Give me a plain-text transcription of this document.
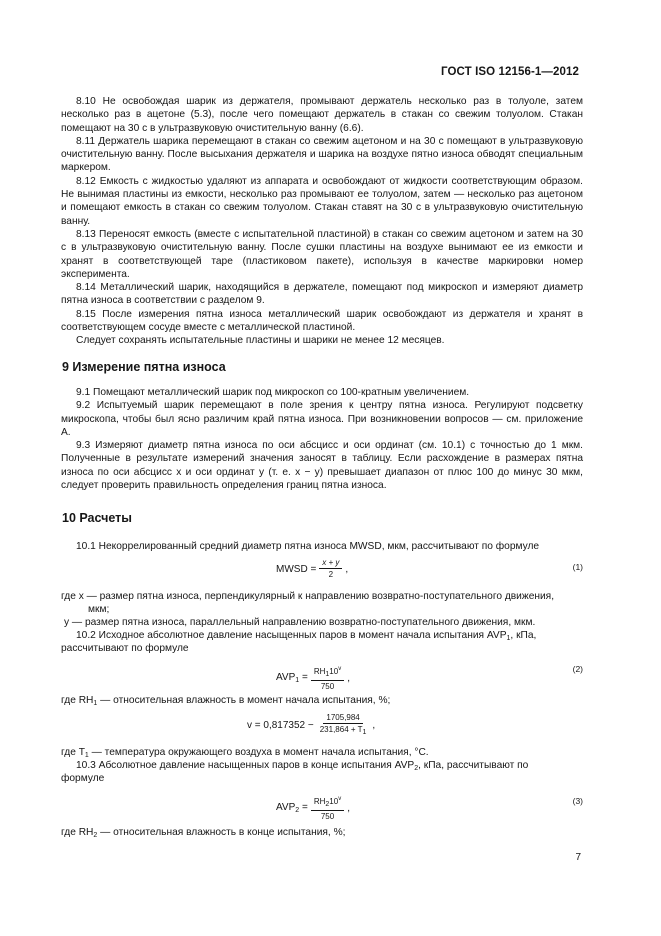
ГОСТ ISO 12156-1—2012

8.10 Не освобождая шарик из держателя, промывают держатель несколько раз в толуоле, затем несколько раз в ацетоне (5.3), после чего помещают держатель в стакан со свежим толуолом. Стакан помещают на 30 с в ультразвуковую очистительную ванну (6.6).

8.11 Держатель шарика перемещают в стакан со свежим ацетоном и на 30 с помещают в ультразвуковую очистительную ванну. После высыхания держателя и шарика на воздухе пятно износа обводят специальным маркером.

8.12 Емкость с жидкостью удаляют из аппарата и освобождают от жидкости соответствующим образом. Не вынимая пластины из емкости, несколько раз промывают ее толуолом, затем — несколько раз ацетоном и помещают емкость в стакан со свежим толуолом. Стакан ставят на 30 с в ультразвуковую очистительную ванну.

8.13 Переносят емкость (вместе с испытательной пластиной) в стакан со свежим ацетоном и затем на 30 с в ультразвуковую очистительную ванну. После сушки пластины на воздухе вынимают ее из емкости и хранят в соответствующей таре (пластиковом пакете), используя в качестве маркировки номер эксперимента.

8.14 Металлический шарик, находящийся в держателе, помещают под микроскоп и измеряют диаметр пятна износа в соответствии с разделом 9.

8.15 После измерения пятна износа металлический шарик освобождают из держателя и хранят в соответствующем сосуде вместе с металлической пластиной.

Следует сохранять испытательные пластины и шарики не менее 12 месяцев.

9 Измерение пятна износа

9.1 Помещают металлический шарик под микроскоп со 100-кратным увеличением.

9.2 Испытуемый шарик перемещают в поле зрения к центру пятна износа. Регулируют подсветку микроскопа, чтобы был ясно различим край пятна износа. При возникновении вопросов — см. приложение А.

9.3 Измеряют диаметр пятна износа по оси абсцисс и оси ординат (см. 10.1) с точностью до 1 мкм. Полученные в результате измерений значения заносят в таблицу. Если расхождение в размерах пятна износа по оси абсцисс x и оси ординат y (т. е. x − y) превышает диапазон от плюс 100 до минус 30 мкм, следует проверить правильность определения границ пятна износа.

10 Расчеты
10.1 Некоррелированный средний диаметр пятна износа MWSD, мкм, рассчитывают по формуле
MWSD = $\frac{x + y}{2}$ ,	(1)
где x — размер пятна износа, перпендикулярный к направлению возвратно-поступательного движения,
мкм;
y — размер пятна износа, параллельный направлению возвратно-поступательного движения, мкм.
10.2 Исходное абсолютное давление насыщенных паров в момент начала испытания $AVP_1$, кПа,
рассчитывают по формуле
$AVP_1 = \frac{RH_110^v}{750}$ ,
(2)
где $RH_1$ — относительная влажность в момент начала испытания, %;
$v = 0,817352 - \frac{1705,984}{231,864 + T_1}$ ,
где $T_1$ — температура окружающего воздуха в момент начала испытания, °С.
10.3 Абсолютное давление насыщенных паров в конце испытания $AVP_2$, кПа, рассчитывают по
формуле
$AVP_2 = \frac{RH_210^v}{750}$ ,
(3)
где $RH_2$ — относительная влажность в конце испытания, %;
7
